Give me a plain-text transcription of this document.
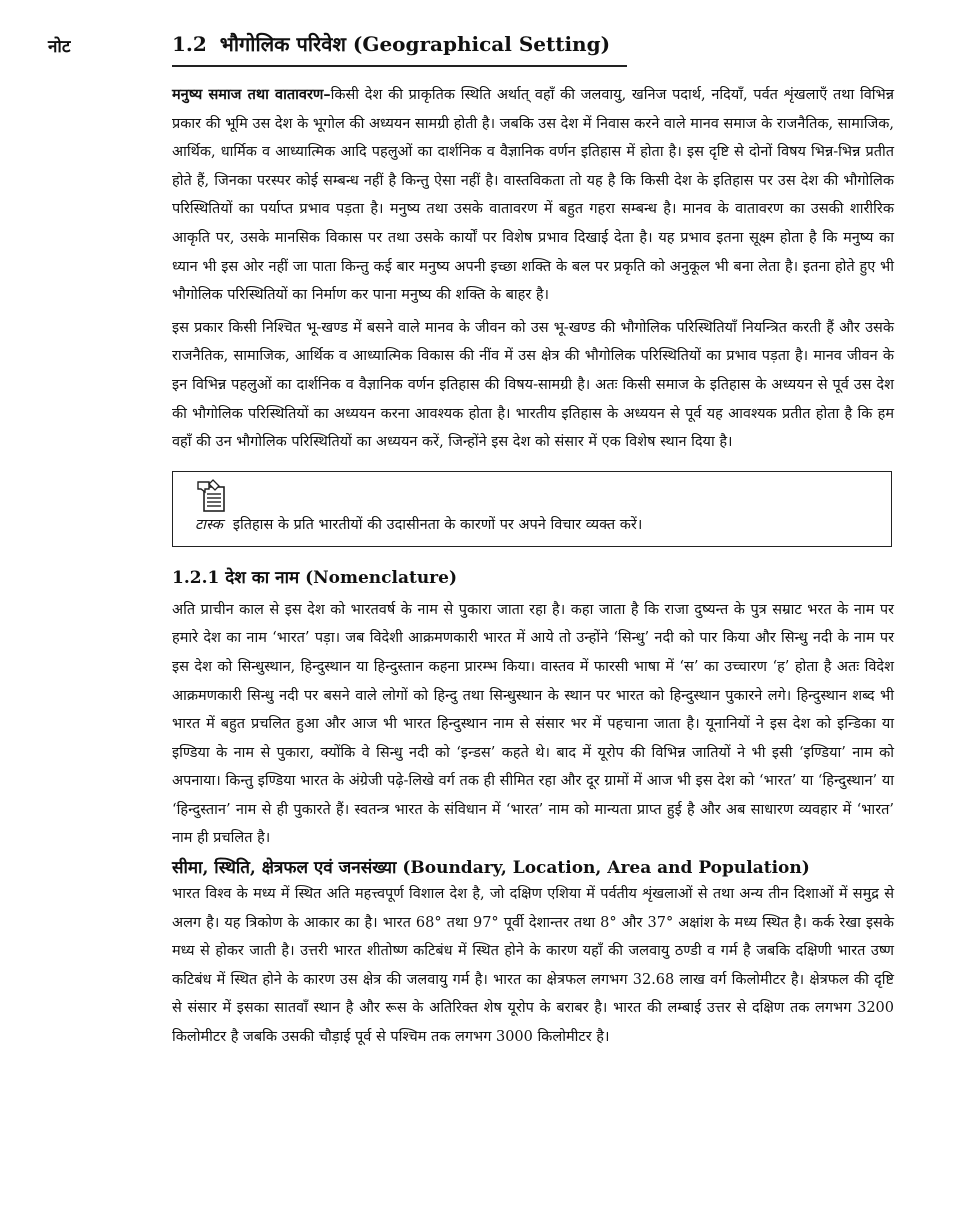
नोट	1.2 भौगोलिक परिवेश (Geographical Setting)

मनुष्य समाज तथा वातावरण–किसी देश की प्राकृतिक स्थिति अर्थात् वहाँ की जलवायु, खनिज पदार्थ, नदियाँ, पर्वत शृंखलाएँ तथा विभिन्न प्रकार की भूमि उस देश के भूगोल की अध्ययन सामग्री होती है। जबकि उस देश में निवास करने वाले मानव समाज के राजनैतिक, सामाजिक, आर्थिक, धार्मिक व आध्यात्मिक आदि पहलुओं का दार्शनिक व वैज्ञानिक वर्णन इतिहास में होता है। इस दृष्टि से दोनों विषय भिन्न-भिन्न प्रतीत होते हैं, जिनका परस्पर कोई सम्बन्ध नहीं है किन्तु ऐसा नहीं है। वास्तविकता तो यह है कि किसी देश के इतिहास पर उस देश की भौगोलिक परिस्थितियों का पर्याप्त प्रभाव पड़ता है। मनुष्य तथा उसके वातावरण में बहुत गहरा सम्बन्ध है। मानव के वातावरण का उसकी शारीरिक आकृति पर, उसके मानसिक विकास पर तथा उसके कार्यों पर विशेष प्रभाव दिखाई देता है। यह प्रभाव इतना सूक्ष्म होता है कि मनुष्य का ध्यान भी इस ओर नहीं जा पाता किन्तु कई बार मनुष्य अपनी इच्छा शक्ति के बल पर प्रकृति को अनुकूल भी बना लेता है। इतना होते हुए भी भौगोलिक परिस्थितियों का निर्माण कर पाना मनुष्य की शक्ति के बाहर है।

इस प्रकार किसी निश्चित भू-खण्ड में बसने वाले मानव के जीवन को उस भू-खण्ड की भौगोलिक परिस्थितियाँ नियन्त्रित करती हैं और उसके राजनैतिक, सामाजिक, आर्थिक व आध्यात्मिक विकास की नींव में उस क्षेत्र की भौगोलिक परिस्थितियों का प्रभाव पड़ता है। मानव जीवन के इन विभिन्न पहलुओं का दार्शनिक व वैज्ञानिक वर्णन इतिहास की विषय-सामग्री है। अतः किसी समाज के इतिहास के अध्ययन से पूर्व उस देश की भौगोलिक परिस्थितियों का अध्ययन करना आवश्यक होता है। भारतीय इतिहास के अध्ययन से पूर्व यह आवश्यक प्रतीत होता है कि हम वहाँ की उन भौगोलिक परिस्थितियों का अध्ययन करें, जिन्होंने इस देश को संसार में एक विशेष स्थान दिया है।

टास्क इतिहास के प्रति भारतीयों की उदासीनता के कारणों पर अपने विचार व्यक्त करें।
1.2.1 देश का नाम (Nomenclature)

अति प्राचीन काल से इस देश को भारतवर्ष के नाम से पुकारा जाता रहा है। कहा जाता है कि राजा दुष्यन्त के पुत्र सम्राट भरत के नाम पर हमारे देश का नाम ‘भारत’ पड़ा। जब विदेशी आक्रमणकारी भारत में आये तो उन्होंने ‘सिन्धु’ नदी को पार किया और सिन्धु नदी के नाम पर इस देश को सिन्धुस्थान, हिन्दुस्थान या हिन्दुस्तान कहना प्रारम्भ किया। वास्तव में फारसी भाषा में ‘स’ का उच्चारण ‘ह’ होता है अतः विदेश आक्रमणकारी सिन्धु नदी पर बसने वाले लोगों को हिन्दु तथा सिन्धुस्थान के स्थान पर भारत को हिन्दुस्थान पुकारने लगे। हिन्दुस्थान शब्द भी भारत में बहुत प्रचलित हुआ और आज भी भारत हिन्दुस्थान नाम से संसार भर में पहचाना जाता है। यूनानियों ने इस देश को इन्डिका या इण्डिया के नाम से पुकारा, क्योंकि वे सिन्धु नदी को ‘इन्डस’ कहते थे। बाद में यूरोप की विभिन्न जातियों ने भी इसी ‘इण्डिया’ नाम को अपनाया। किन्तु इण्डिया भारत के अंग्रेजी पढ़े-लिखे वर्ग तक ही सीमित रहा और दूर ग्रामों में आज भी इस देश को ‘भारत’ या ‘हिन्दुस्थान’ या ‘हिन्दुस्तान’ नाम से ही पुकारते हैं। स्वतन्त्र भारत के संविधान में ‘भारत’ नाम को मान्यता प्राप्त हुई है और अब साधारण व्यवहार में ‘भारत’ नाम ही प्रचलित है।

सीमा, स्थिति, क्षेत्रफल एवं जनसंख्या (Boundary, Location, Area and Population)

भारत विश्व के मध्य में स्थित अति महत्त्वपूर्ण विशाल देश है, जो दक्षिण एशिया में पर्वतीय शृंखलाओं से तथा अन्य तीन दिशाओं में समुद्र से अलग है। यह त्रिकोण के आकार का है। भारत 68° तथा 97° पूर्वी देशान्तर तथा 8° और 37° अक्षांश के मध्य स्थित है। कर्क रेखा इसके मध्य से होकर जाती है। उत्तरी भारत शीतोष्ण कटिबंध में स्थित होने के कारण यहाँ की जलवायु ठण्डी व गर्म है जबकि दक्षिणी भारत उष्ण कटिबंध में स्थित होने के कारण उस क्षेत्र की जलवायु गर्म है। भारत का क्षेत्रफल लगभग 32.68 लाख वर्ग किलोमीटर है। क्षेत्रफल की दृष्टि से संसार में इसका सातवाँ स्थान है और रूस के अतिरिक्त शेष यूरोप के बराबर है। भारत की लम्बाई उत्तर से दक्षिण तक लगभग 3200 किलोमीटर है जबकि उसकी चौड़ाई पूर्व से पश्चिम तक लगभग 3000 किलोमीटर है।
